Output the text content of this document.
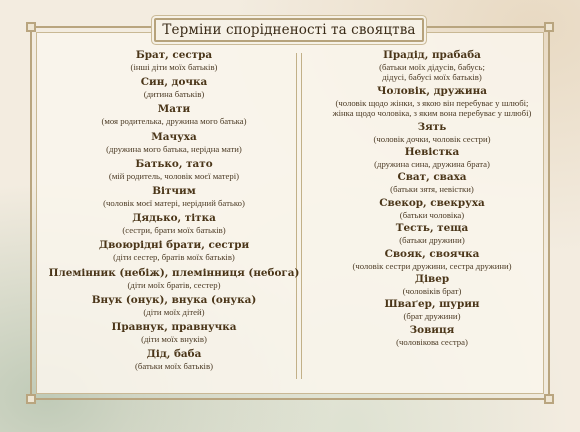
Терміни спорідненості та свояцтва
Брат, сестра
(інші діти моїх батьків)
Син, дочка
(дитина батьків)
Мати
(моя родителька, дружина мого батька)
Мачуха
(дружина мого батька, нерідна мати)
Батько, тато
(мій родитель, чоловік моєї матері)
Вітчим
(чоловік моєї матері, нерідний батько)
Дядько, тітка
(сестри, брати моїх батьків)
Двоюрідні брати, сестри
(діти сестер, братів моїх батьків)
Племінник (небіж), племінниця (небога)
(діти моїх братів, сестер)
Внук (онук), внука (онука)
(діти моїх дітей)
Правнук, правнучка
(діти моїх внуків)
Дід, баба
(батьки моїх батьків)
Прадід, прабаба
(батьки моїх дідусів, бабусь;
дідусі, бабусі моїх батьків)
Чоловік, дружина
(чоловік щодо жінки, з якою він перебуває у шлюбі;
жінка щодо чоловіка, з яким вона перебуває у шлюбі)
Зять
(чоловік дочки, чоловік сестри)
Невістка
(дружина сина, дружина брата)
Сват, сваха
(батьки зятя, невістки)
Свекор, свекруха
(батьки чоловіка)
Тесть, теща
(батьки дружини)
Свояк, своячка
(чоловік сестри дружини, сестра дружини)
Дівер
(чоловіків брат)
Шваґер, шурин
(брат дружини)
Зовиця
(чоловікова сестра)
